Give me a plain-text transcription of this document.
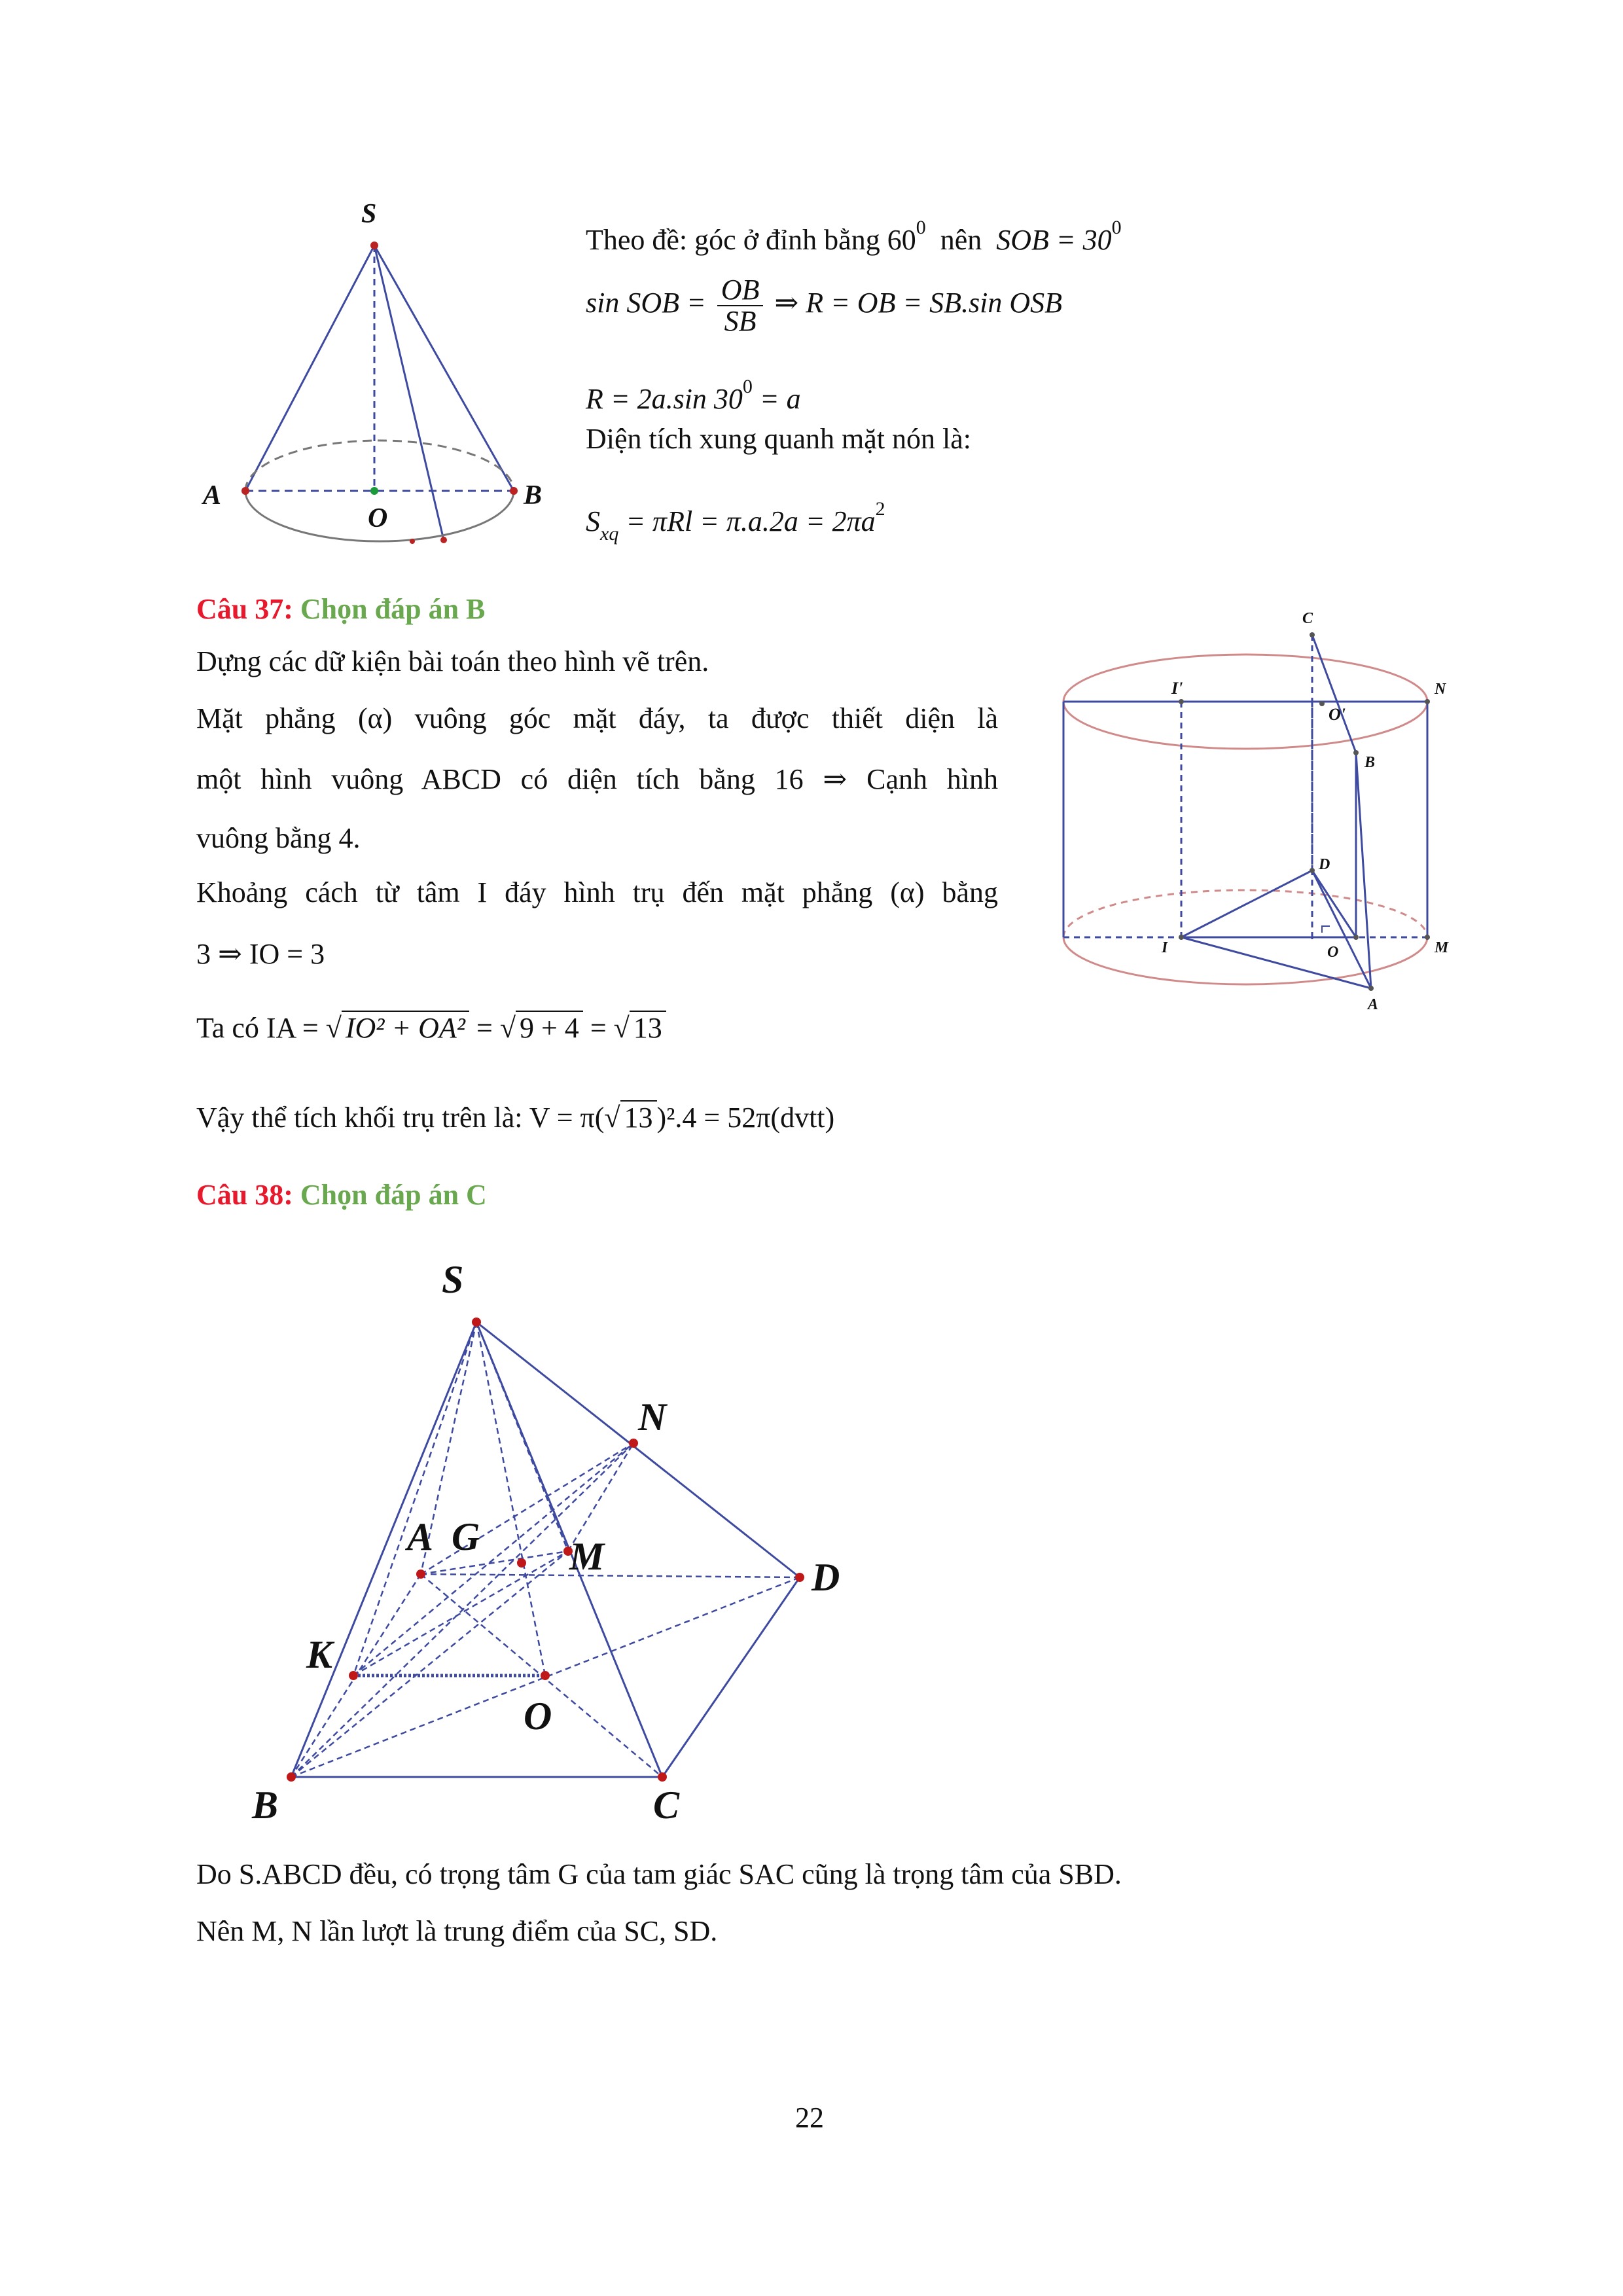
S
A
O
B
Theo đề: góc ở đỉnh bằng $60^0$ nên SOB = $30^0$
sin SOB = $\frac{OB}{SB}$ ⇒ R = OB = SB.sin OSB
R = 2a.sin $30^0 = a$
Diện tích xung quanh mặt nón là:
$S_{xq} = \pi Rl = \pi.a.2a = 2\pi a^2$
Câu 37: Chọn đáp án B
Dựng các dữ kiện bài toán theo hình vẽ trên.
Mặt phẳng (α) vuông góc mặt đáy, ta được thiết diện là
một hình vuông ABCD có diện tích bằng 16 ⇒ Cạnh hình
vuông bằng 4.
Khoảng cách từ tâm I đáy hình trụ đến mặt phẳng (α) bằng
3 ⇒ IO = 3
Ta có IA = √ IO² + OA² = √ 9 + 4 = √ 13
Vậy thể tích khối trụ trên là: V = π(√ 13 )².4 = 52π(dvtt)
C
I'	N
O'
B
D
I	O	M
A
Câu 38: Chọn đáp án C
S
N
A G M	D
K
O
B	C
Do S.ABCD đều, có trọng tâm G của tam giác SAC cũng là trọng tâm của SBD.
Nên M, N lần lượt là trung điểm của SC, SD.
22
